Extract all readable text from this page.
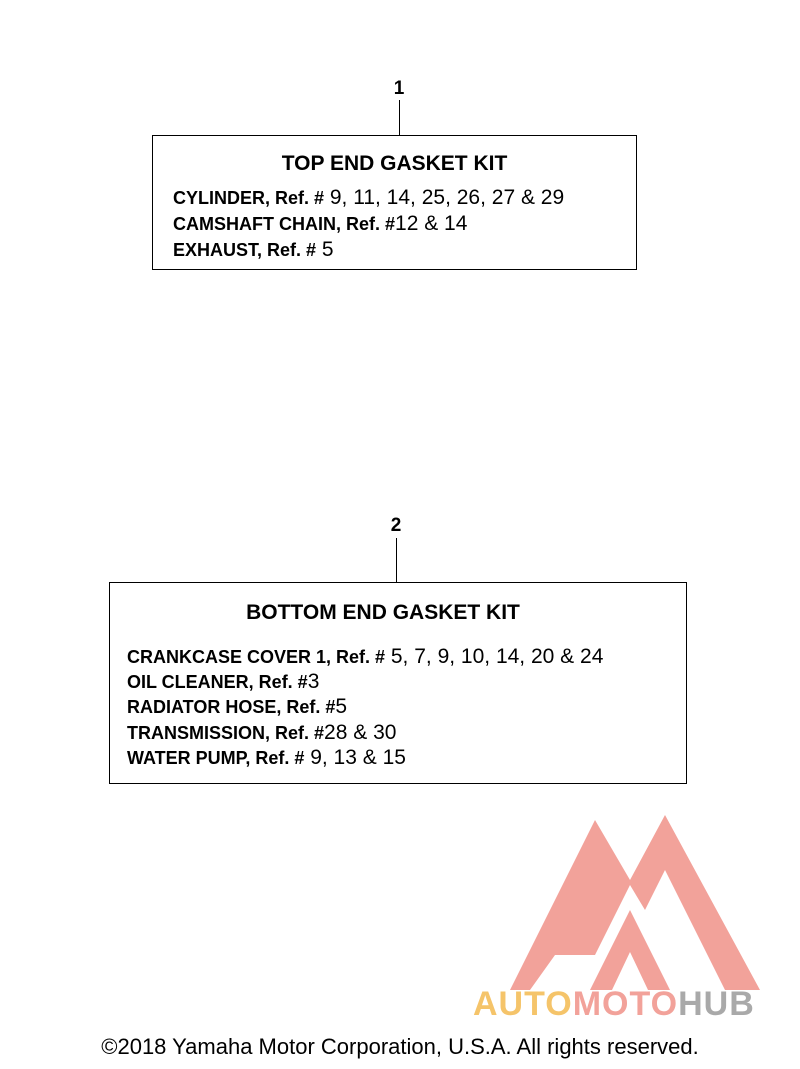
1
TOP END GASKET KIT
CYLINDER, Ref. # 9, 11, 14, 25, 26, 27 & 29
CAMSHAFT CHAIN, Ref. #12 & 14
EXHAUST, Ref. # 5
2
BOTTOM END GASKET KIT
CRANKCASE COVER 1, Ref. # 5, 7, 9, 10, 14, 20 & 24
OIL CLEANER, Ref. #3
RADIATOR HOSE, Ref. #5
TRANSMISSION, Ref. #28 & 30
WATER PUMP, Ref. # 9, 13 & 15
AUTOMOTOHUB
©2018 Yamaha Motor Corporation, U.S.A. All rights reserved.
